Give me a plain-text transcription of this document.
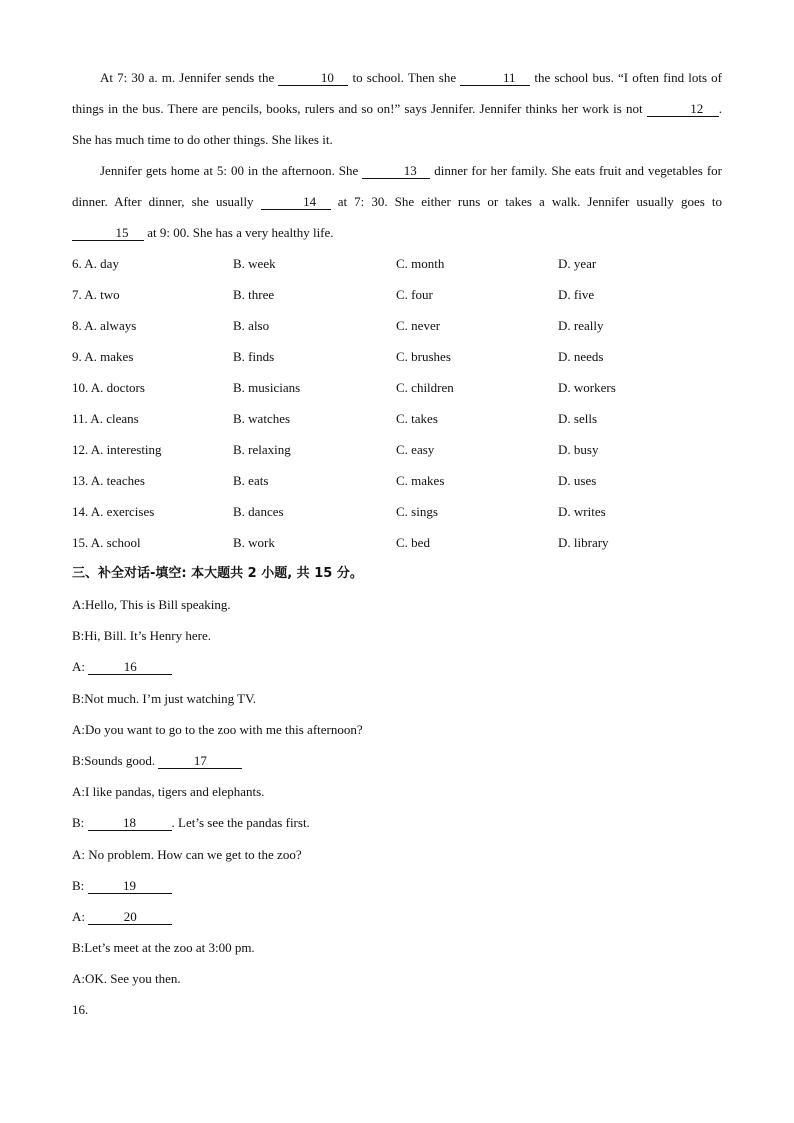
At 7: 30 a. m. Jennifer sends the	10 to school. Then she	11 the school bus. “I often find lots of things in the bus. There are pencils, books, rulers and so on!” says Jennifer. Jennifer thinks her work is not	12 . She has much time to do other things. She likes it.

Jennifer gets home at 5: 00 in the afternoon. She	13 dinner for her family. She eats fruit and vegetables for dinner. After dinner, she usually	14 at 7: 30. She either runs or takes a walk. Jennifer usually goes to 15 at 9: 00. She has a very healthy life.

6. A. day	B. week	C. month	D. year
7. A. two	B. three	C. four	D. five
8. A. always	B. also	C. never	D. really
9. A. makes	B. finds	C. brushes	D. needs
10. A. doctors	B. musicians	C. children	D. workers
11. A. cleans	B. watches	C. takes	D. sells
12. A. interesting	B. relaxing	C. easy	D. busy
13. A. teaches	B. eats	C. makes	D. uses
14. A. exercises	B. dances	C. sings	D. writes
15. A. school	B. work	C. bed	D. library
三、补全对话-填空: 本大题共 2 小题, 共 15 分。
A:Hello, This is Bill speaking.
B:Hi, Bill. It’s Henry here.
A:	16
B:Not much. I’m just watching TV.
A:Do you want to go to the zoo with me this afternoon?
B:Sounds good.	17
A:I like pandas, tigers and elephants.
B:	18	. Let’s see the pandas first.
A: No problem. How can we get to the zoo?
B:	19
A:	20
B:Let’s meet at the zoo at 3:00 pm.
A:OK. See you then.
16.
